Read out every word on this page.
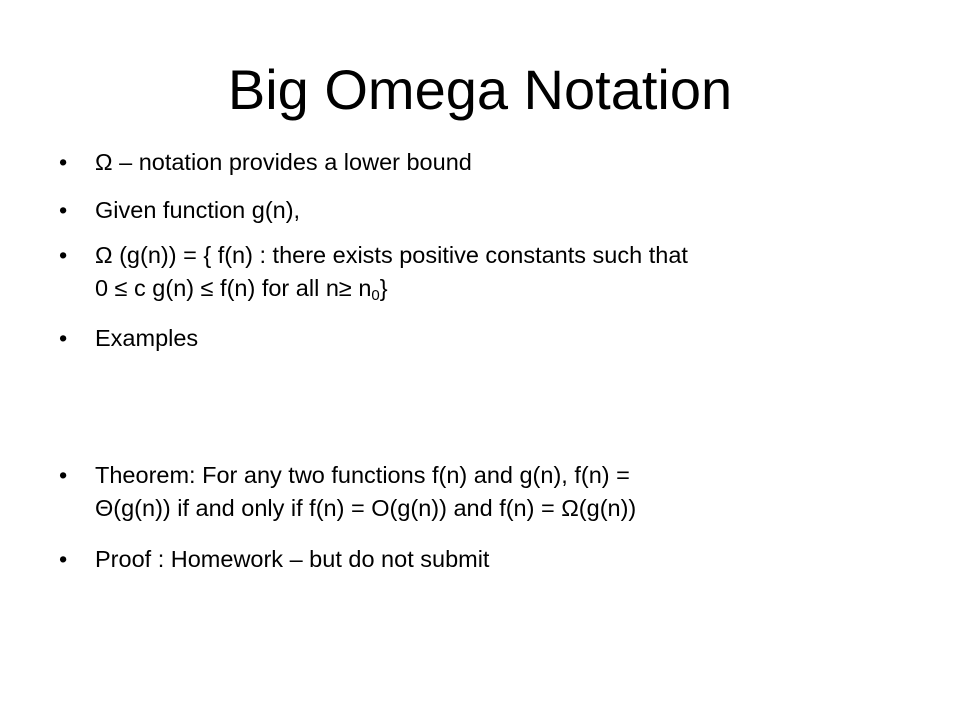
Big Omega Notation
• Ω – notation provides a lower bound
• Given function g(n),
• Ω (g(n)) = { f(n) : there exists positive constants such that
0 ≤ c g(n) ≤ f(n) for all $n\ge n_0$}
• Examples
• Theorem: For any two functions f(n) and g(n), f(n) =
Θ(g(n)) if and only if f(n) = O(g(n)) and f(n) = Ω(g(n))
• Proof : Homework – but do not submit
